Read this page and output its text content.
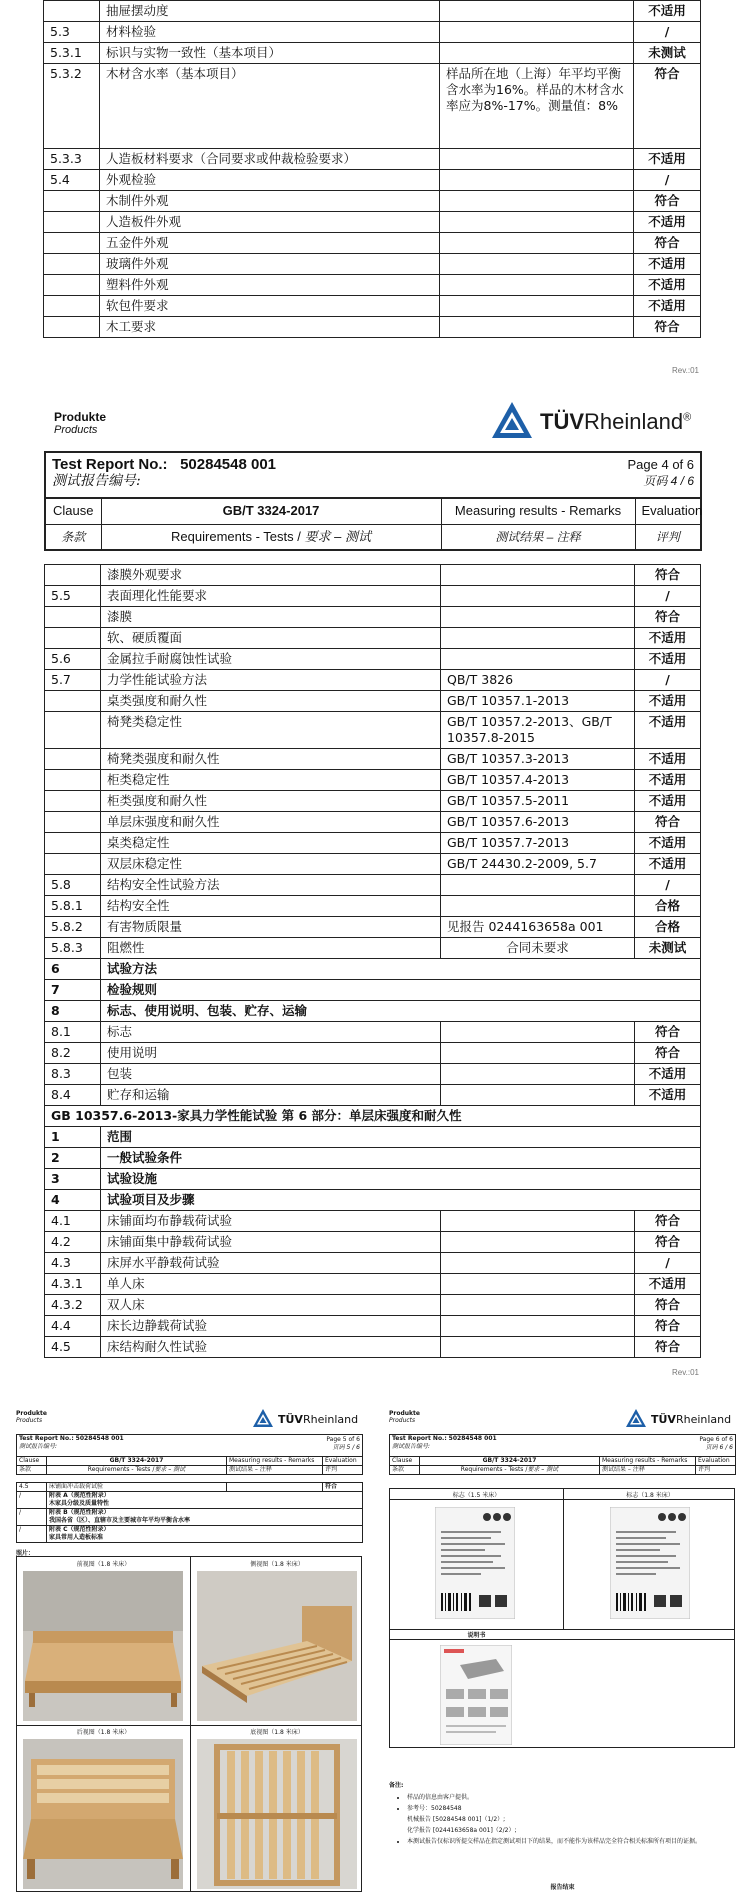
	抽屉摆动度		不适用
5.3	材料检验		/
5.3.1	标识与实物一致性（基本项目）		未测试
5.3.2	木材含水率（基本项目）	样品所在地（上海）年平均平衡含水率为16%。样品的木材含水率应为8%-17%。测量值：8%	符合
5.3.3	人造板材料要求（合同要求或仲裁检验要求）		不适用
5.4	外观检验		/
	木制件外观		符合
	人造板件外观		不适用
	五金件外观		符合
	玻璃件外观		不适用
	塑料件外观		不适用
	软包件要求		不适用
	木工要求		符合
Rev.:01
Produkte
Products	TÜVRheinland®
Test Report No.: 50284548 001
测试报告编号:
Page 4 of 6
页码 4 / 6			

Clause	GB/T 3324-2017	Measuring results - Remarks	Evaluation
条款	Requirements - Tests / 要求 – 测试	测试结果 – 注释	评判
	漆膜外观要求		符合
5.5	表面理化性能要求		/
	漆膜		符合
	软、硬质覆面		不适用
5.6	金属拉手耐腐蚀性试验		不适用
5.7	力学性能试验方法	QB/T 3826	/
	桌类强度和耐久性	GB/T 10357.1-2013	不适用
	椅凳类稳定性	GB/T 10357.2-2013、GB/T 10357.8-2015	不适用
	椅凳类强度和耐久性	GB/T 10357.3-2013	不适用
	柜类稳定性	GB/T 10357.4-2013	不适用
	柜类强度和耐久性	GB/T 10357.5-2011	不适用
	单层床强度和耐久性	GB/T 10357.6-2013	符合
	桌类稳定性	GB/T 10357.7-2013	不适用
	双层床稳定性	GB/T 24430.2-2009, 5.7	不适用
5.8	结构安全性试验方法		/
5.8.1	结构安全性		合格
5.8.2	有害物质限量	见报告 0244163658a 001	合格
5.8.3	阻燃性	合同未要求	未测试
6	试验方法		
7	检验规则		
8	标志、使用说明、包装、贮存、运输		
8.1	标志		符合
8.2	使用说明		符合
8.3	包装		不适用
8.4	贮存和运输		不适用
GB 10357.6-2013-家具力学性能试验 第 6 部分：单层床强度和耐久性			
1	范围		
2	一般试验条件		
3	试验设施		
4	试验项目及步骤		
4.1	床铺面均布静载荷试验		符合
4.2	床铺面集中静载荷试验		符合
4.3	床屏水平静载荷试验		/
4.3.1	单人床		不适用
4.3.2	双人床		符合
4.4	床长边静载荷试验		符合
4.5	床结构耐久性试验		符合
Rev.:01
Produkte
Products	TÜVRheinland
Test Report No.: 50284548 001
测试报告编号:
Page 5 of 6
页码 5 / 6			

Clause	GB/T 3324-2017	Measuring results - Remarks	Evaluation
条款	Requirements - Tests /要求 – 测试	测试结果 – 注释	评判
4.5	床铺面冲击载荷试验		符合
/	附表 A（规范性附录）
木家具分级及质量特性		
/	附表 B（规范性附录）
我国各省（区）、直辖市及主要城市年平均平衡含水率		
/	附表 C（规范性附录）
家具常用人造板标准		
照片：
前视图（1.8 米床）	侧视图（1.8 米床）
后视图（1.8 米床）	底视图（1.8 米床）
Produkte
Products	TÜVRheinland
Test Report No.: 50284548 001
测试报告编号:
Page 6 of 6
页码 6 / 6			

Clause	GB/T 3324-2017	Measuring results - Remarks	Evaluation
条款	Requirements - Tests /要求 – 测试	测试结果 – 注释	评判
标志（1.5 米床）	标志（1.8 米床）
说明书
备注:
• 样品的信息由客户提供。
• 参考号：50284548
机械报告 [50284548 001]（1/2）;
化学报告 [0244163658a 001]（2/2）;
• 本测试报告仅标识所提交样品在指定测试项目下的结果，而不能作为该样品完全符合相关标准所有项目的证据。
报告结束
